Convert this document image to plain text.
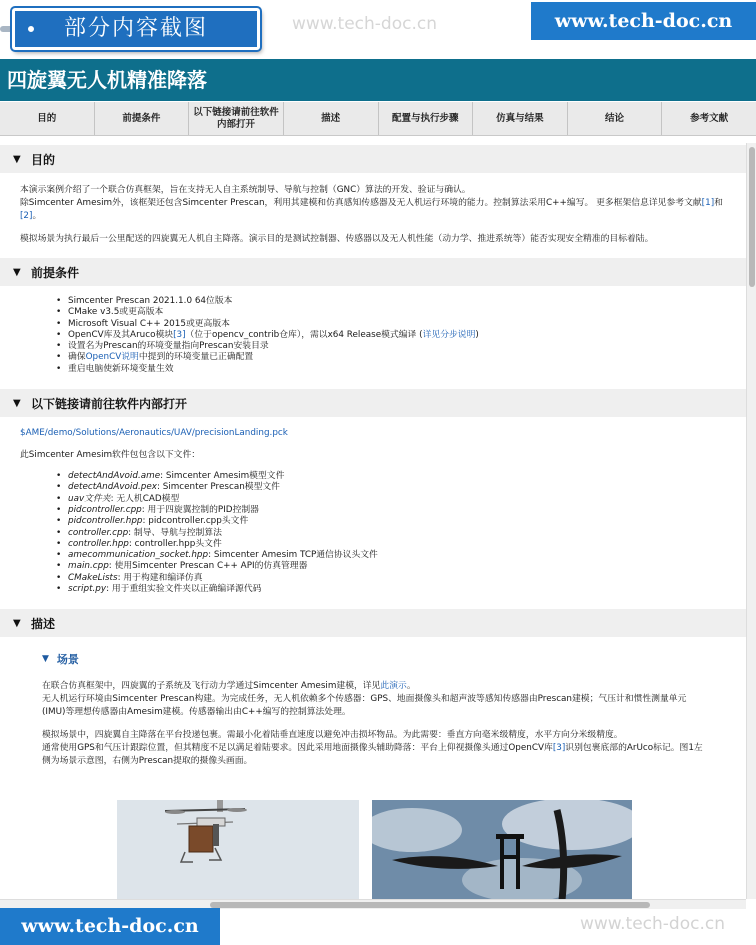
部分内容截图	www.tech-doc.cn	www.tech-doc.cn
四旋翼无人机精准降落
目的	前提条件
以下链接请前往软件内部打开
描述	配置与执行步骤	仿真与结果	结论	参考文献
▼ 目的
本演示案例介绍了一个联合仿真框架，旨在支持无人自主系统制导、导航与控制（GNC）算法的开发、验证与确认。
除Simcenter Amesim外，该框架还包含Simcenter Prescan，利用其建模和仿真感知传感器及无人机运行环境的能力。控制算法采用C++编写。 更多框架信息详见参考文献[1]和 [2]。
模拟场景为执行最后一公里配送的四旋翼无人机自主降落。演示目的是测试控制器、传感器以及无人机性能（动力学、推进系统等）能否实现安全精准的目标着陆。
▼ 前提条件
• Simcenter Prescan 2021.1.0 64位版本
• CMake v3.5或更高版本
• Microsoft Visual C++ 2015或更高版本
• OpenCV库及其Aruco模块[3]（位于opencv_contrib仓库），需以x64 Release模式编译 (详见分步说明)
• 设置名为Prescan的环境变量指向Prescan安装目录
• 确保OpenCV说明中提到的环境变量已正确配置
• 重启电脑使新环境变量生效
▼ 以下链接请前往软件内部打开
$AME/demo/Solutions/Aeronautics/UAV/precisionLanding.pck
此Simcenter Amesim软件包包含以下文件：
• detectAndAvoid.ame: Simcenter Amesim模型文件
• detectAndAvoid.pex: Simcenter Prescan模型文件
• uav文件夹: 无人机CAD模型
• pidcontroller.cpp: 用于四旋翼控制的PID控制器
• pidcontroller.hpp: pidcontroller.cpp头文件
• controller.cpp: 制导、导航与控制算法
• controller.hpp: controller.hpp头文件
• amecommunication_socket.hpp: Simcenter Amesim TCP通信协议头文件
• main.cpp: 使用Simcenter Prescan C++ API的仿真管理器
• CMakeLists: 用于构建和编译仿真
• script.py: 用于重组实验文件夹以正确编译源代码
▼ 描述
▼ 场景
在联合仿真框架中，四旋翼的子系统及飞行动力学通过Simcenter Amesim建模，详见此演示。
无人机运行环境由Simcenter Prescan构建。为完成任务，无人机依赖多个传感器：GPS、地面摄像头和超声波等感知传感器由Prescan建模；气压计和惯性测量单元(IMU)等理想传感器由Amesim建模。传感器输出由C++编写的控制算法处理。
模拟场景中，四旋翼自主降落在平台投递包裹。需最小化着陆垂直速度以避免冲击损坏物品。为此需要：垂直方向毫米级精度，水平方向分米级精度。
通常使用GPS和气压计跟踪位置，但其精度不足以满足着陆要求。因此采用地面摄像头辅助降落：平台上仰视摄像头通过OpenCV库[3]识别包裹底部的ArUco标记。图1左侧为场景示意图，右侧为Prescan提取的摄像头画面。
www.tech-doc.cn	www.tech-doc.cn
